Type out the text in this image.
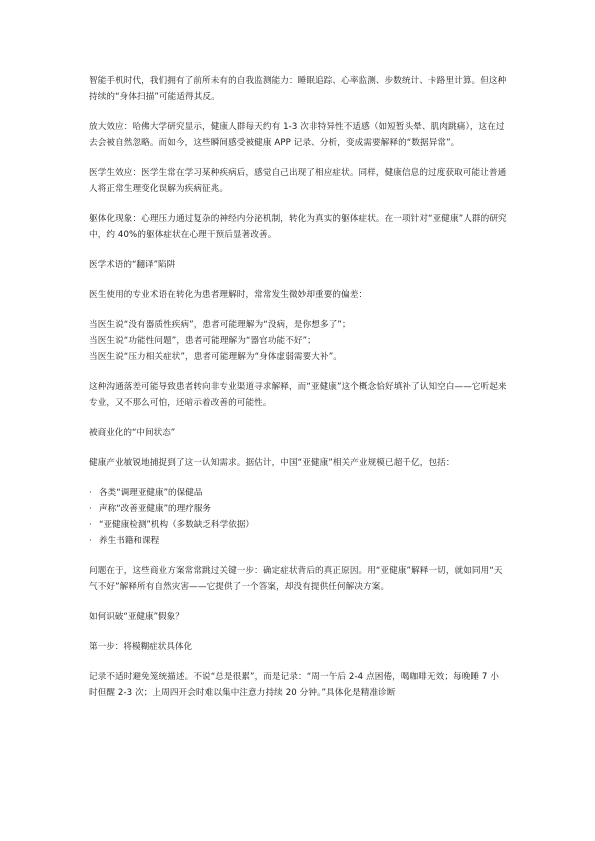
智能手机时代，我们拥有了前所未有的自我监测能力：睡眠追踪、心率监测、步数统计、卡路里计算。但这种持续的“身体扫描”可能适得其反。

放大效应：哈佛大学研究显示，健康人群每天约有 1-3 次非特异性不适感（如短暂头晕、肌肉跳痛），这在过去会被自然忽略。而如今，这些瞬间感受被健康 APP 记录、分析，变成需要解释的“数据异常”。

医学生效应：医学生常在学习某种疾病后，感觉自己出现了相应症状。同样，健康信息的过度获取可能让普通人将正常生理变化误解为疾病征兆。

躯体化现象：心理压力通过复杂的神经内分泌机制，转化为真实的躯体症状。在一项针对“亚健康”人群的研究中，约 40%的躯体症状在心理干预后显著改善。

医学术语的“翻译”陷阱

医生使用的专业术语在转化为患者理解时，常常发生微妙却重要的偏差：

当医生说“没有器质性疾病”，患者可能理解为“没病，是你想多了”；

当医生说“功能性问题”，患者可能理解为“器官功能不好”；

当医生说“压力相关症状”，患者可能理解为“身体虚弱需要大补”。

这种沟通落差可能导致患者转向非专业渠道寻求解释，而“亚健康”这个概念恰好填补了认知空白——它听起来专业，又不那么可怕，还暗示着改善的可能性。

被商业化的“中间状态”

健康产业敏锐地捕捉到了这一认知需求。据估计，中国“亚健康”相关产业规模已超千亿，包括：

· 各类“调理亚健康”的保健品
· 声称“改善亚健康”的理疗服务
· “亚健康检测”机构（多数缺乏科学依据）
· 养生书籍和课程

问题在于，这些商业方案常常跳过关键一步：确定症状背后的真正原因。用“亚健康”解释一切，就如同用“天气不好”解释所有自然灾害——它提供了一个答案，却没有提供任何解决方案。

如何识破“亚健康”假象？

第一步：将模糊症状具体化

记录不适时避免笼统描述。不说“总是很累”，而是记录：“周一午后 2-4 点困倦，喝咖啡无效；每晚睡 7 小时但醒 2-3 次；上周四开会时难以集中注意力持续 20 分钟。”具体化是精准诊断
